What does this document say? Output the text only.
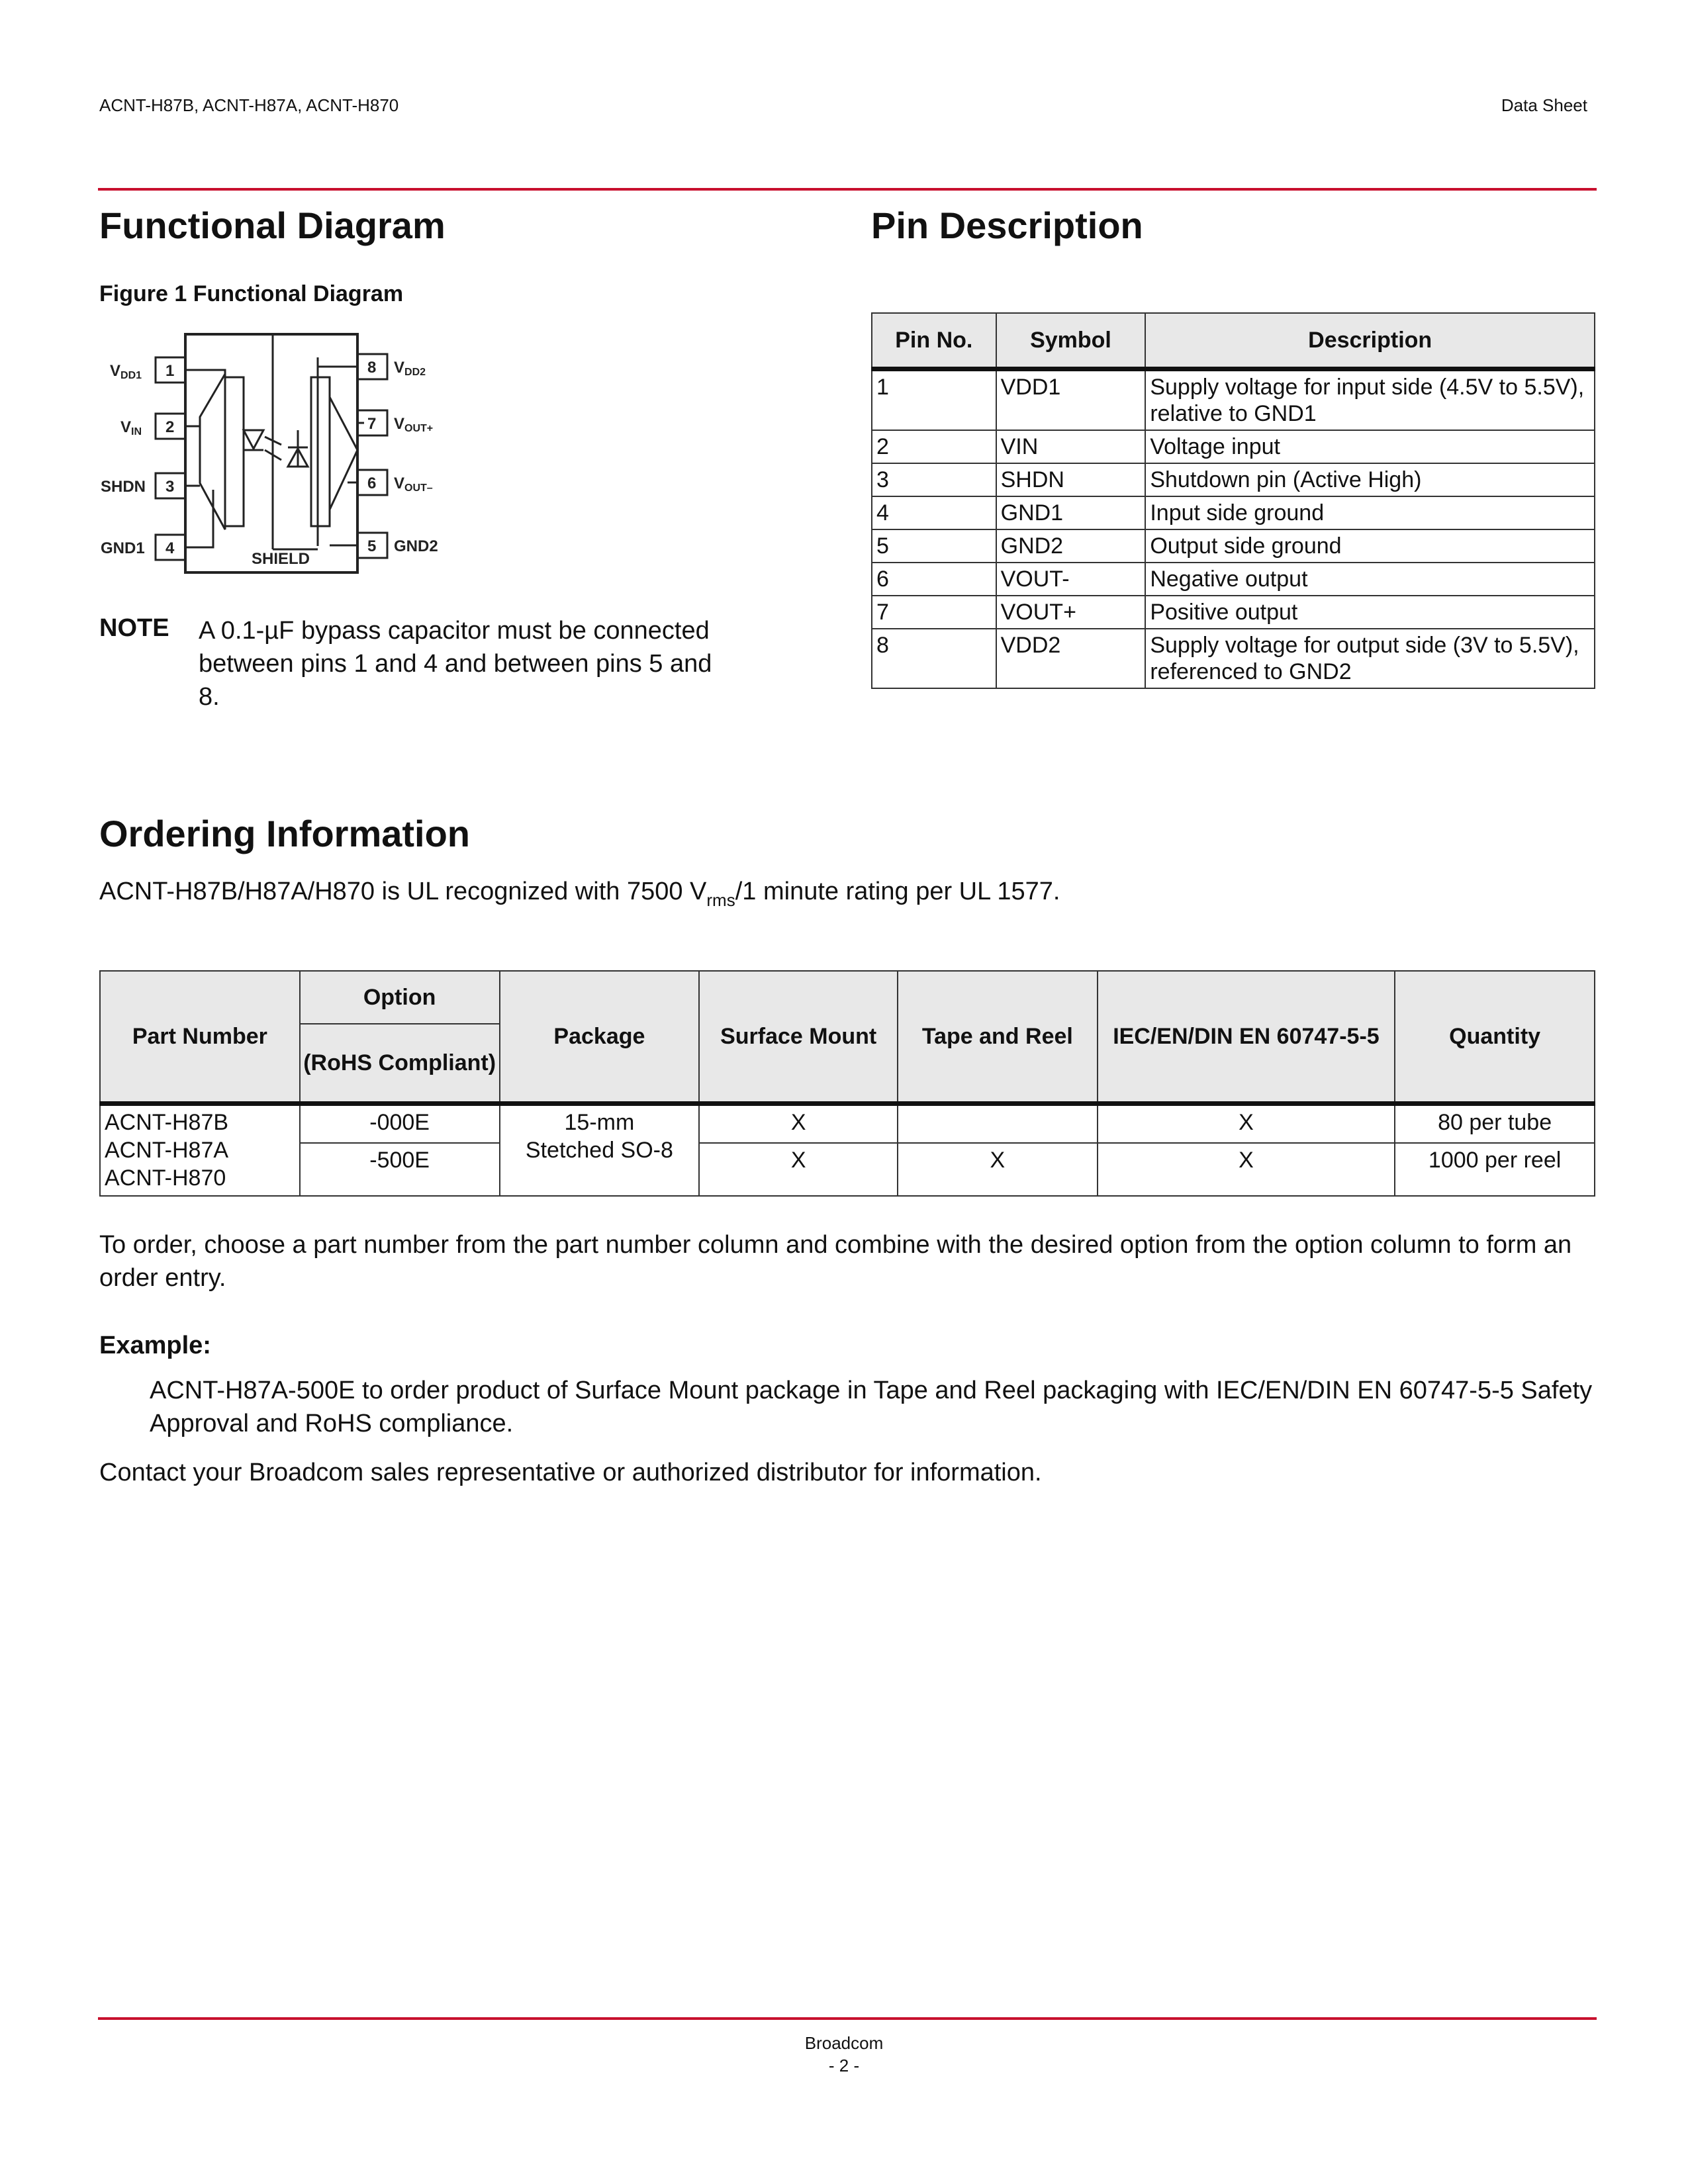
ACNT-H87B, ACNT-H87A, ACNT-H870	Data Sheet
Functional Diagram
Figure 1 Functional Diagram
1
2
3
4
8
7
6
5
VDD1
VIN
SHDN
GND1
VDD2
VOUT+
VOUT–
GND2
SHIELD
NOTE A 0.1-µF bypass capacitor must be connected between pins 1 and 4 and between pins 5 and 8.
Pin Description
Pin No.	Symbol	Description
1	VDD1	Supply voltage for input side (4.5V to 5.5V), relative to GND1
2	VIN	Voltage input
3	SHDN	Shutdown pin (Active High)
4	GND1	Input side ground
5	GND2	Output side ground
6	VOUT-	Negative output
7	VOUT+	Positive output
8	VDD2	Supply voltage for output side (3V to 5.5V), referenced to GND2
Ordering Information
ACNT-H87B/H87A/H870 is UL recognized with 7500 $V_{rms}/1$ minute rating per UL 1577.
Part Number	Option	Package	Surface Mount	Tape and Reel	IEC/EN/DIN EN 60747-5-5	Quantity
	(RoHS Compliant)					

ACNT-H87B
ACNT-H87A
ACNT-H870	-000E	15-mm Stetched SO-8	X		X	80 per tube
	-500E		X	X	X	1000 per reel
To order, choose a part number from the part number column and combine with the desired option from the option column to form an order entry.
Example:
ACNT-H87A-500E to order product of Surface Mount package in Tape and Reel packaging with IEC/EN/DIN EN 60747-5-5 Safety Approval and RoHS compliance.
Contact your Broadcom sales representative or authorized distributor for information.
Broadcom
- 2 -
